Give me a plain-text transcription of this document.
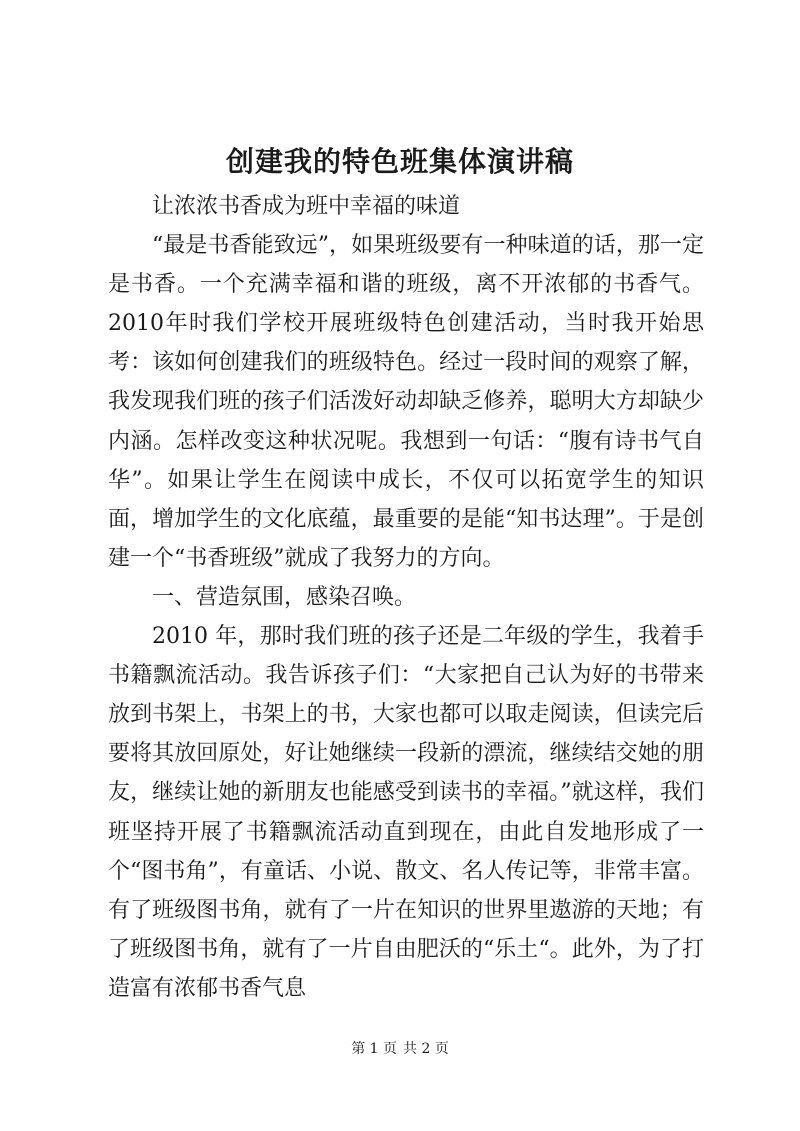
创建我的特色班集体演讲稿

让浓浓书香成为班中幸福的味道

“最是书香能致远”，如果班级要有一种味道的话，那一定是书香。一个充满幸福和谐的班级，离不开浓郁的书香气。2010年时我们学校开展班级特色创建活动，当时我开始思考：该如何创建我们的班级特色。经过一段时间的观察了解，我发现我们班的孩子们活泼好动却缺乏修养，聪明大方却缺少内涵。怎样改变这种状况呢。我想到一句话：“腹有诗书气自华”。如果让学生在阅读中成长，不仅可以拓宽学生的知识面，增加学生的文化底蕴，最重要的是能“知书达理”。于是创建一个“书香班级”就成了我努力的方向。

一、营造氛围，感染召唤。

2010 年，那时我们班的孩子还是二年级的学生，我着手书籍飘流活动。我告诉孩子们：“大家把自己认为好的书带来放到书架上，书架上的书，大家也都可以取走阅读，但读完后要将其放回原处，好让她继续一段新的漂流，继续结交她的朋友，继续让她的新朋友也能感受到读书的幸福。”就这样，我们班坚持开展了书籍飘流活动直到现在，由此自发地形成了一个“图书角”，有童话、小说、散文、名人传记等，非常丰富。有了班级图书角，就有了一片在知识的世界里遨游的天地；有了班级图书角，就有了一片自由肥沃的“乐土“。此外，为了打造富有浓郁书香气息

第 1 页 共 2 页
